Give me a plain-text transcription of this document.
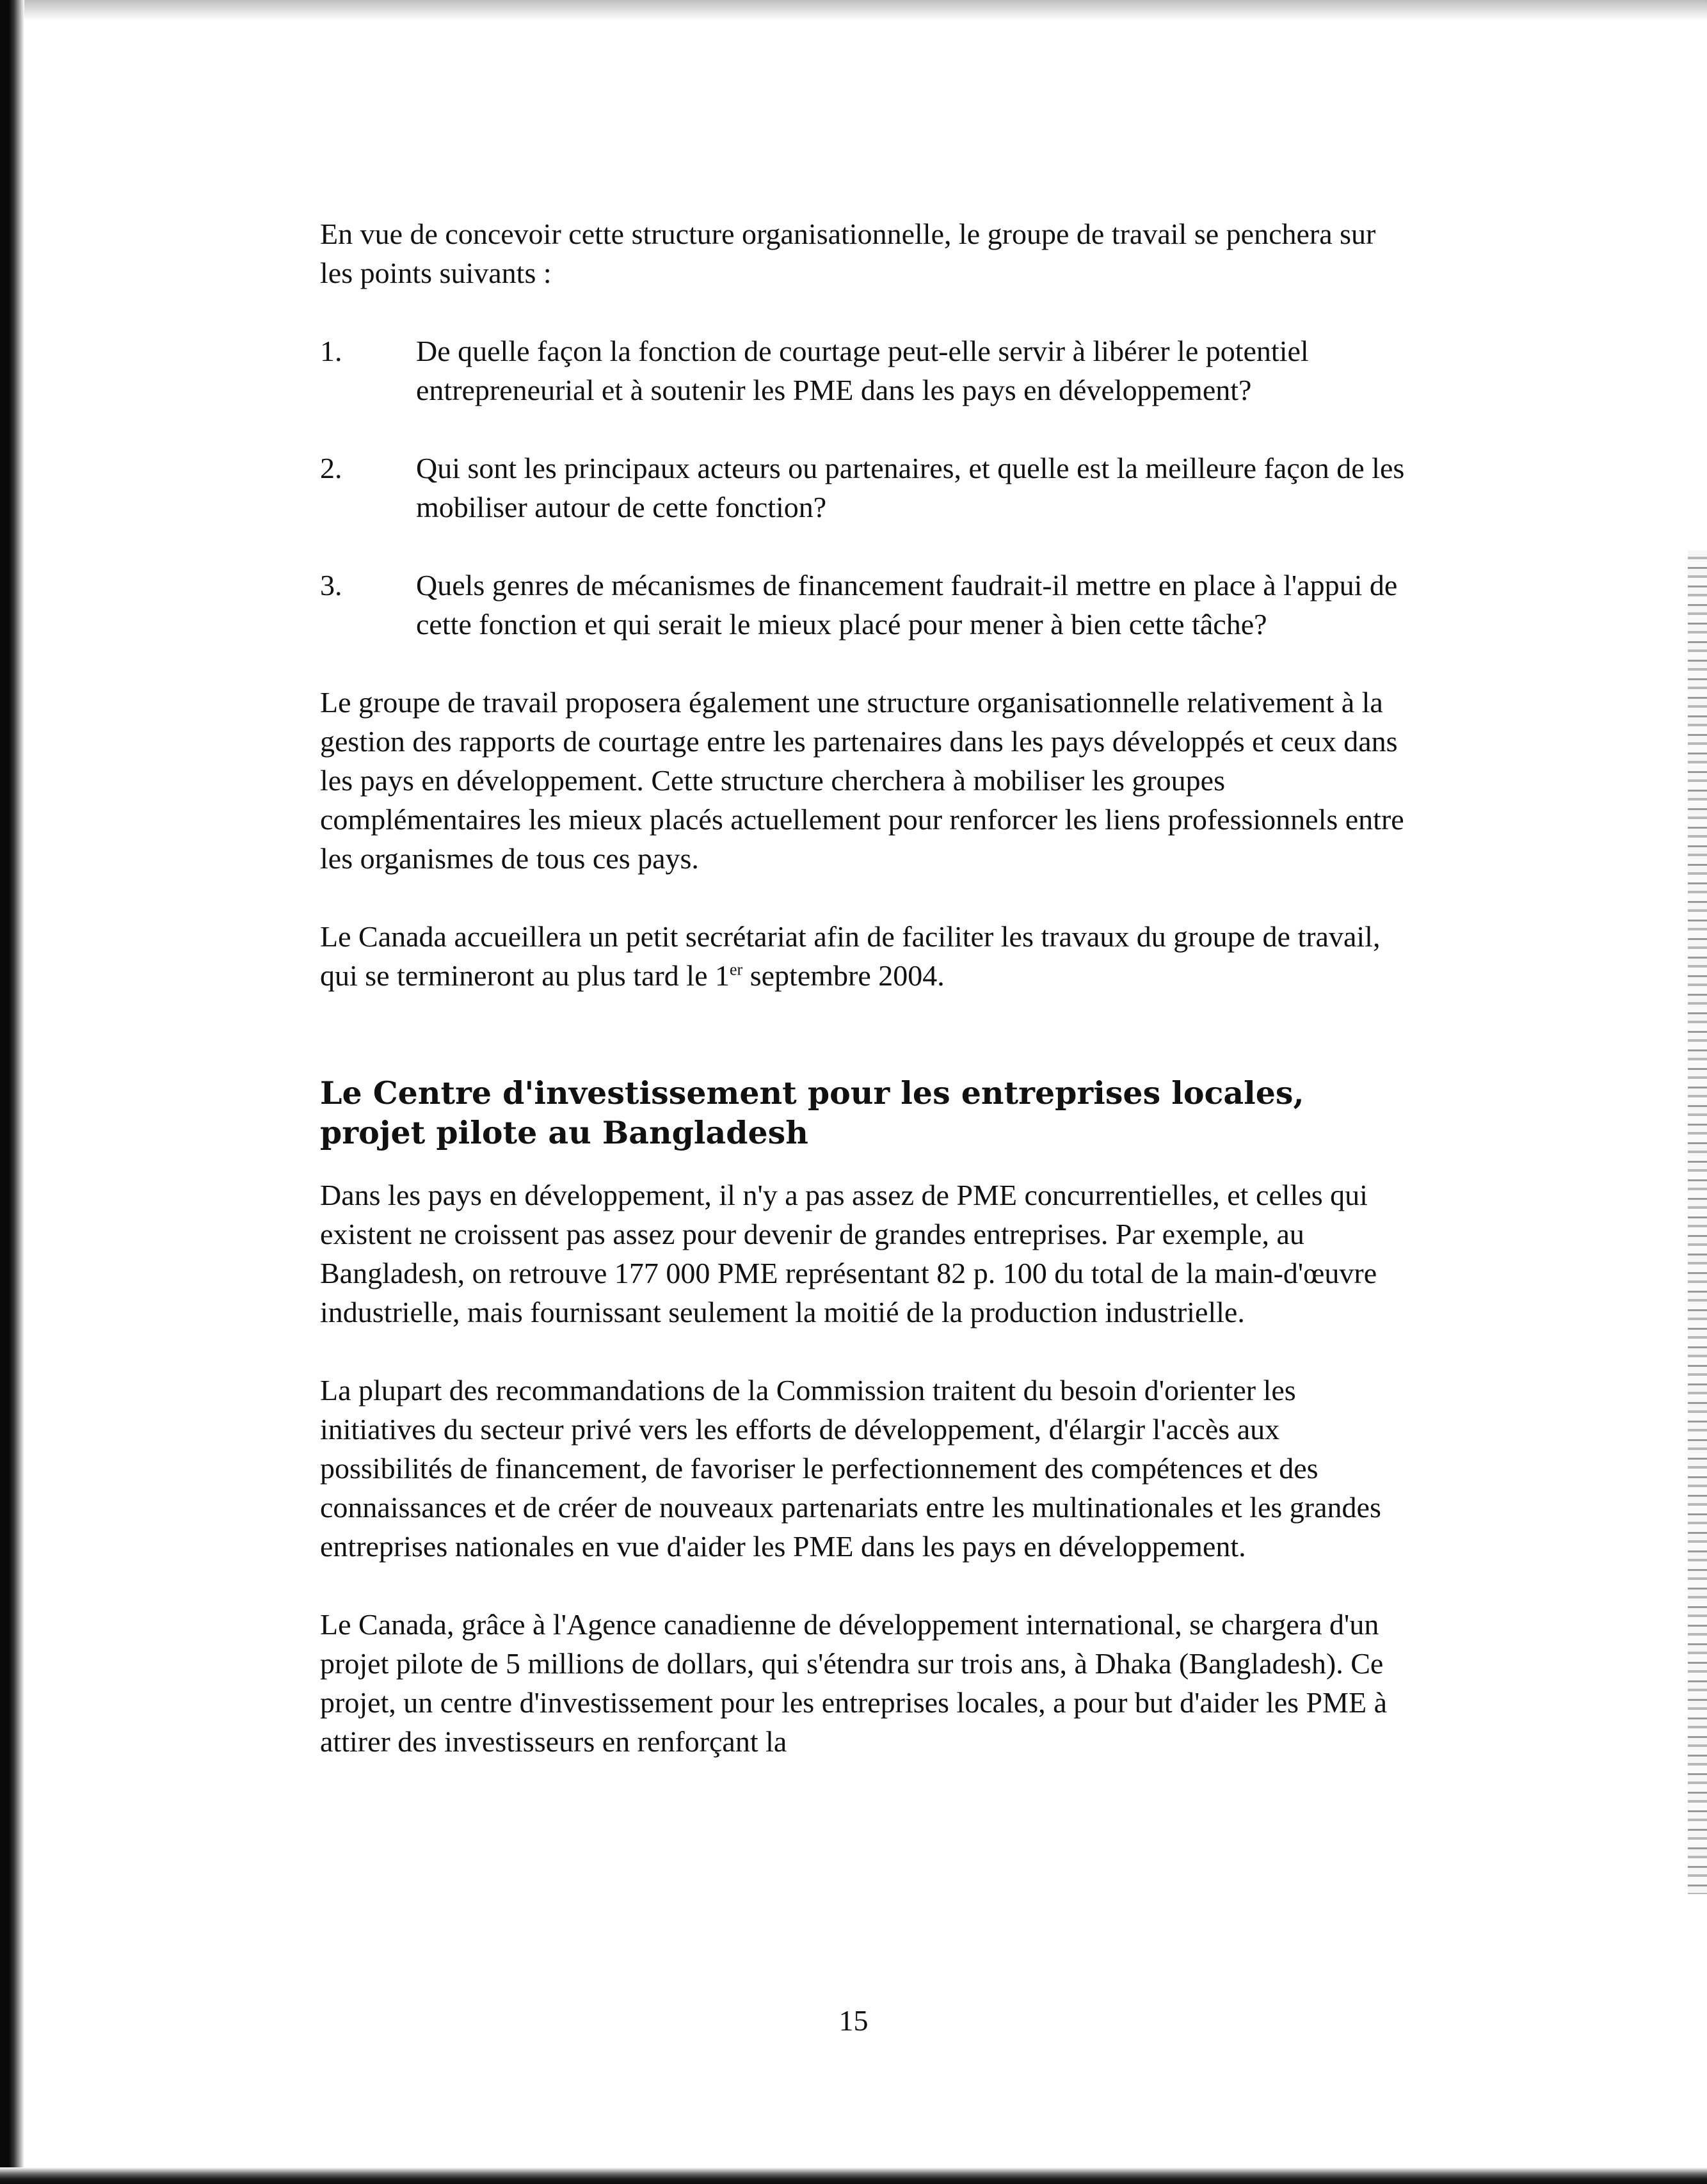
En vue de concevoir cette structure organisationnelle, le groupe de travail se penchera sur les points suivants :

1.	De quelle façon la fonction de courtage peut-elle servir à libérer le potentiel entrepreneurial et à soutenir les PME dans les pays en développement?
2.	Qui sont les principaux acteurs ou partenaires, et quelle est la meilleure façon de les mobiliser autour de cette fonction?
3.	Quels genres de mécanismes de financement faudrait-il mettre en place à l'appui de cette fonction et qui serait le mieux placé pour mener à bien cette tâche?

Le groupe de travail proposera également une structure organisationnelle relativement à la gestion des rapports de courtage entre les partenaires dans les pays développés et ceux dans les pays en développement. Cette structure cherchera à mobiliser les groupes complémentaires les mieux placés actuellement pour renforcer les liens professionnels entre les organismes de tous ces pays.

Le Canada accueillera un petit secrétariat afin de faciliter les travaux du groupe de travail, qui se termineront au plus tard le 1er septembre 2004.

Le Centre d'investissement pour les entreprises locales, projet pilote au Bangladesh

Dans les pays en développement, il n'y a pas assez de PME concurrentielles, et celles qui existent ne croissent pas assez pour devenir de grandes entreprises. Par exemple, au Bangladesh, on retrouve 177 000 PME représentant 82 p. 100 du total de la main-d'œuvre industrielle, mais fournissant seulement la moitié de la production industrielle.

La plupart des recommandations de la Commission traitent du besoin d'orienter les initiatives du secteur privé vers les efforts de développement, d'élargir l'accès aux possibilités de financement, de favoriser le perfectionnement des compétences et des connaissances et de créer de nouveaux partenariats entre les multinationales et les grandes entreprises nationales en vue d'aider les PME dans les pays en développement.

Le Canada, grâce à l'Agence canadienne de développement international, se chargera d'un projet pilote de 5 millions de dollars, qui s'étendra sur trois ans, à Dhaka (Bangladesh). Ce projet, un centre d'investissement pour les entreprises locales, a pour but d'aider les PME à attirer des investisseurs en renforçant la

15
